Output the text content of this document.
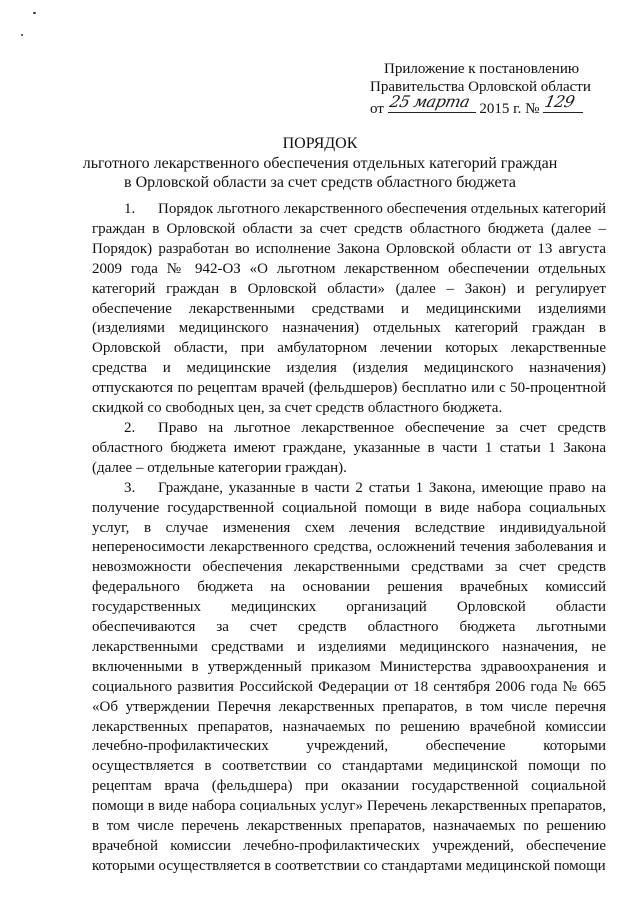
Приложение к постановлению
Правительства Орловской области
от 25 марта 2015 г. № 129
ПОРЯДОК
льготного лекарственного обеспечения отдельных категорий граждан
в Орловской области за счет средств областного бюджета

1. Порядок льготного лекарственного обеспечения отдельных категорий граждан в Орловской области за счет средств областного бюджета (далее – Порядок) разработан во исполнение Закона Орловской области от 13 августа 2009 года № 942-ОЗ «О льготном лекарственном обеспечении отдельных категорий граждан в Орловской области» (далее – Закон) и регулирует обеспечение лекарственными средствами и медицинскими изделиями (изделиями медицинского назначения) отдельных категорий граждан в Орловской области, при амбулаторном лечении которых лекарственные средства и медицинские изделия (изделия медицинского назначения) отпускаются по рецептам врачей (фельдшеров) бесплатно или с 50-процентной скидкой со свободных цен, за счет средств областного бюджета.

2. Право на льготное лекарственное обеспечение за счет средств областного бюджета имеют граждане, указанные в части 1 статьи 1 Закона (далее – отдельные категории граждан).

3. Граждане, указанные в части 2 статьи 1 Закона, имеющие право на получение государственной социальной помощи в виде набора социальных услуг, в случае изменения схем лечения вследствие индивидуальной непереносимости лекарственного средства, осложнений течения заболевания и невозможности обеспечения лекарственными средствами за счет средств федерального бюджета на основании решения врачебных комиссий государственных медицинских организаций Орловской области обеспечиваются за счет средств областного бюджета льготными лекарственными средствами и изделиями медицинского назначения, не включенными в утвержденный приказом Министерства здравоохранения и социального развития Российской Федерации от 18 сентября 2006 года № 665 «Об утверждении Перечня лекарственных препаратов, в том числе перечня лекарственных препаратов, назначаемых по решению врачебной комиссии лечебно-профилактических учреждений, обеспечение которыми осуществляется в соответствии со стандартами медицинской помощи по рецептам врача (фельдшера) при оказании государственной социальной помощи в виде набора социальных услуг» Перечень лекарственных препаратов, в том числе перечень лекарственных препаратов, назначаемых по решению врачебной комиссии лечебно-профилактических учреждений, обеспечение которыми осуществляется в соответствии со стандартами медицинской помощи
